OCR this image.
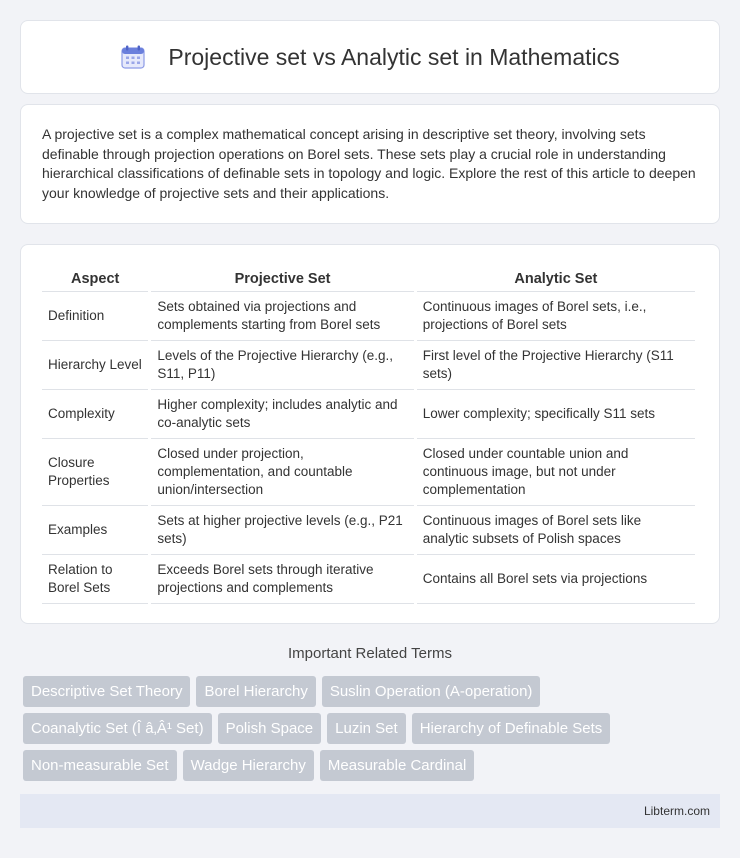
Projective set vs Analytic set in Mathematics

A projective set is a complex mathematical concept arising in descriptive set theory, involving sets definable through projection operations on Borel sets. These sets play a crucial role in understanding hierarchical classifications of definable sets in topology and logic. Explore the rest of this article to deepen your knowledge of projective sets and their applications.

Aspect	Projective Set	Analytic Set
Definition	Sets obtained via projections and complements starting from Borel sets	Continuous images of Borel sets, i.e., projections of Borel sets
Hierarchy Level	Levels of the Projective Hierarchy (e.g., S11, P11)	First level of the Projective Hierarchy (S11 sets)
Complexity	Higher complexity; includes analytic and co-analytic sets	Lower complexity; specifically S11 sets
Closure Properties	Closed under projection, complementation, and countable union/intersection	Closed under countable union and continuous image, but not under complementation
Examples	Sets at higher projective levels (e.g., P21 sets)	Continuous images of Borel sets like analytic subsets of Polish spaces
Relation to Borel Sets	Exceeds Borel sets through iterative projections and complements	Contains all Borel sets via projections
Important Related Terms
Descriptive Set Theory	Borel Hierarchy	Suslin Operation (A-operation)
Coanalytic Set (Î â‚Â¹ Set)	Polish Space	Luzin Set	Hierarchy of Definable Sets
Non-measurable Set	Wadge Hierarchy	Measurable Cardinal
Libterm.com
